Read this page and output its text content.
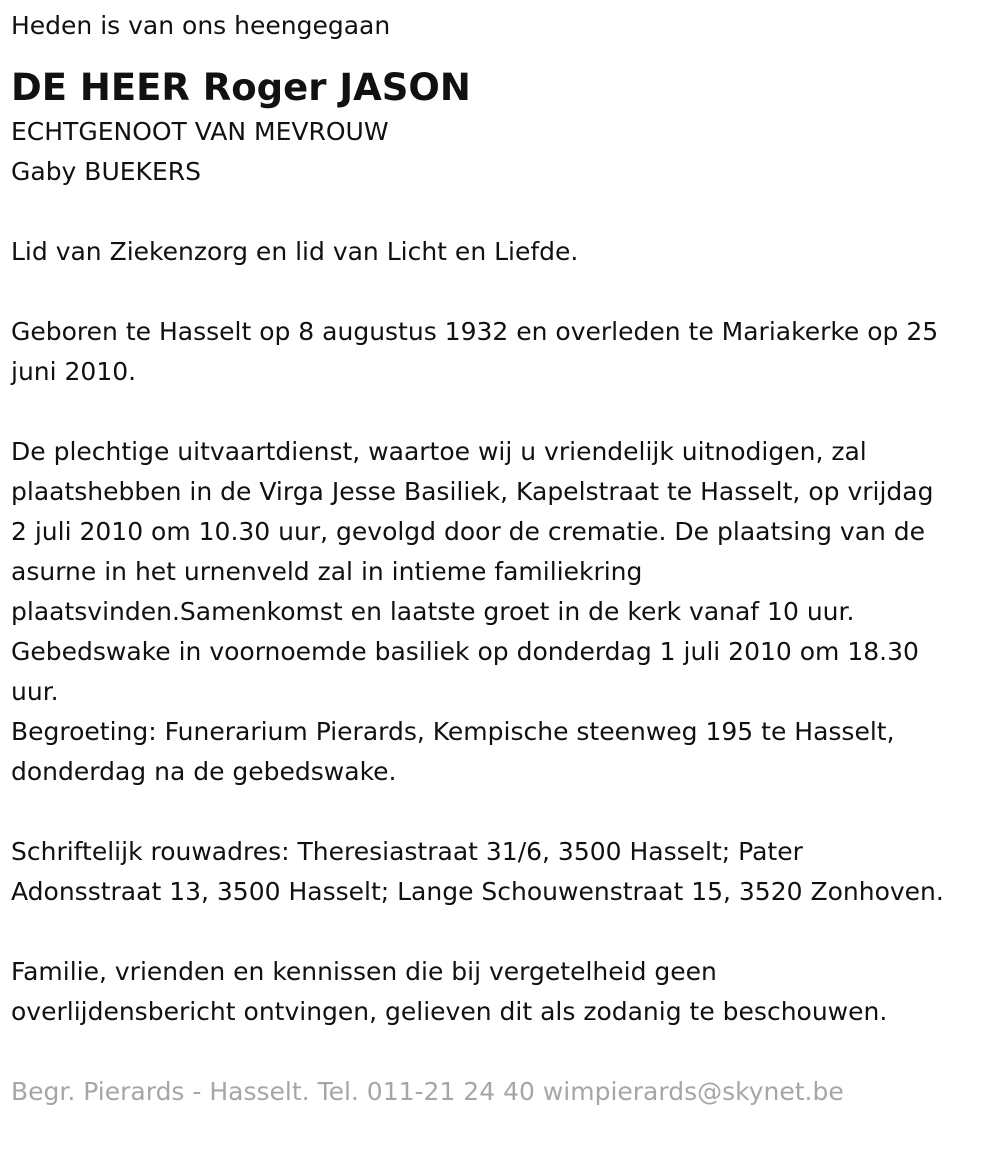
Heden is van ons heengegaan

DE HEER Roger JASON

ECHTGENOOT VAN MEVROUW

Gaby BUEKERS

Lid van Ziekenzorg en lid van Licht en Liefde.

Geboren te Hasselt op 8 augustus 1932 en overleden te Mariakerke op 25

juni 2010.

De plechtige uitvaartdienst, waartoe wij u vriendelijk uitnodigen, zal

plaatshebben in de Virga Jesse Basiliek, Kapelstraat te Hasselt, op vrijdag

2 juli 2010 om 10.30 uur, gevolgd door de crematie. De plaatsing van de

asurne in het urnenveld zal in intieme familiekring

plaatsvinden.Samenkomst en laatste groet in de kerk vanaf 10 uur.

Gebedswake in voornoemde basiliek op donderdag 1 juli 2010 om 18.30

uur.

Begroeting: Funerarium Pierards, Kempische steenweg 195 te Hasselt,

donderdag na de gebedswake.

Schriftelijk rouwadres: Theresiastraat 31/6, 3500 Hasselt; Pater

Adonsstraat 13, 3500 Hasselt; Lange Schouwenstraat 15, 3520 Zonhoven.

Familie, vrienden en kennissen die bij vergetelheid geen

overlijdensbericht ontvingen, gelieven dit als zodanig te beschouwen.

Begr. Pierards - Hasselt. Tel. 011-21 24 40 wimpierards@skynet.be
